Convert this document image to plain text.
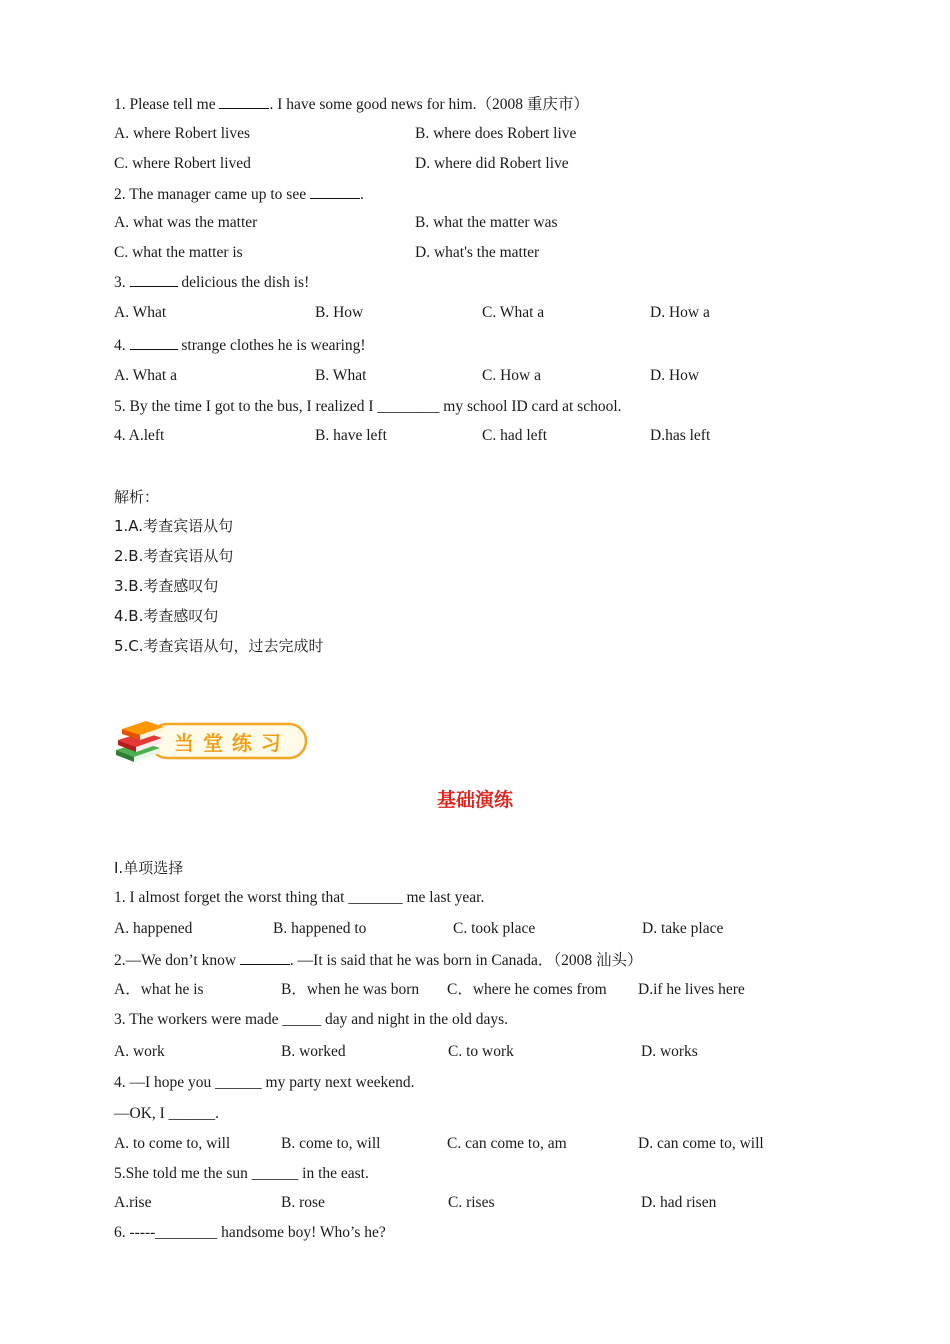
1. Please tell me	. I have some good news for him.（2008 重庆市）
A. where Robert lives	B. where does Robert live
C. where Robert lived	D. where did Robert live
2. The manager came up to see	.
A. what was the matter	B. what the matter was
C. what the matter is	D. what's the matter
3.	delicious the dish is!
A. What	B. How	C. What a	D. How a
4.	strange clothes he is wearing!
A. What a	B. What	C. How a	D. How
5. By the time I got to the bus, I realized I ________ my school ID card at school.
4. A.left	B. have left	C. had left	D.has left
解析：
1.A.考查宾语从句
2.B.考查宾语从句
3.B.考查感叹句
4.B.考查感叹句
5.C.考查宾语从句，过去完成时
当 堂 练 习
基础演练
I.单项选择
1. I almost forget the worst thing that _______ me last year.
A. happened	B. happened to	C. took place	D. take place
2.—We don’t know	. —It is said that he was born in Canada．（2008 汕头）
A．what he is	B．when he was born C．where he comes from D.if he lives here
3. The workers were made _____ day and night in the old days.
A. work	B. worked	C. to work	D. works
4. —I hope you ______ my party next weekend.
—OK, I ______.
A. to come to, will	B. come to, will	C. can come to, am	D. can come to, will
5.She told me the sun ______ in the east.
A.rise	B. rose	C. rises	D. had risen
6. -----________ handsome boy! Who’s he?
